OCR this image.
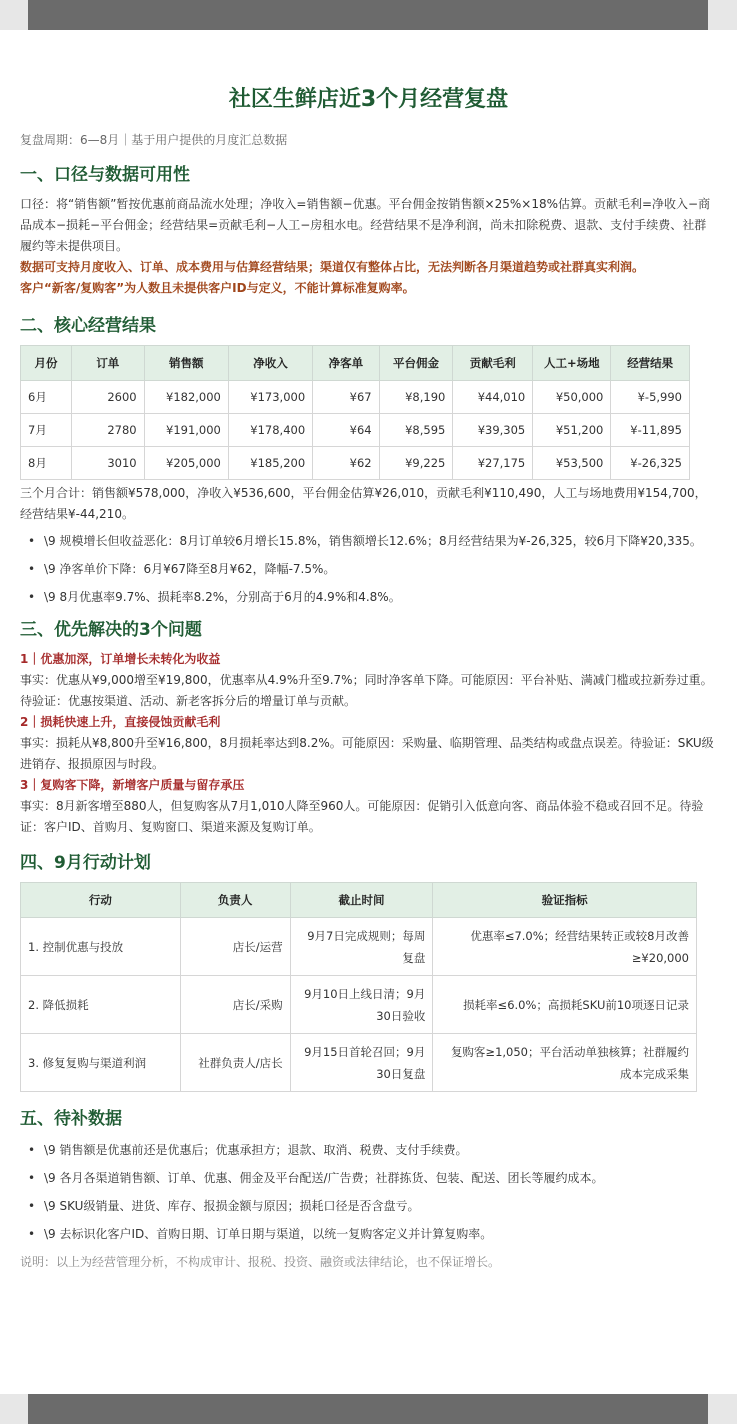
社区生鲜店近3个月经营复盘
复盘周期：6—8月｜基于用户提供的月度汇总数据
一、口径与数据可用性
口径：将“销售额”暂按优惠前商品流水处理；净收入=销售额−优惠。平台佣金按销售额×25%×18%估算。贡献毛利=净收入−商品成本−损耗−平台佣金；经营结果=贡献毛利−人工−房租水电。经营结果不是净利润，尚未扣除税费、退款、支付手续费、社群履约等未提供项目。
数据可支持月度收入、订单、成本费用与估算经营结果；渠道仅有整体占比，无法判断各月渠道趋势或社群真实利润。
客户“新客/复购客”为人数且未提供客户ID与定义，不能计算标准复购率。
二、核心经营结果
月份	订单	销售额	净收入	净客单	平台佣金	贡献毛利	人工+场地	经营结果
6月	2600	¥182,000	¥173,000	¥67	¥8,190	¥44,010	¥50,000	¥-5,990
7月	2780	¥191,000	¥178,400	¥64	¥8,595	¥39,305	¥51,200	¥-11,895
8月	3010	¥205,000	¥185,200	¥62	¥9,225	¥27,175	¥53,500	¥-26,325
三个月合计：销售额¥578,000，净收入¥536,600，平台佣金估算¥26,010，贡献毛利¥110,490，人工与场地费用¥154,700，经营结果¥-44,210。
• \9 规模增长但收益恶化：8月订单较6月增长15.8%，销售额增长12.6%；8月经营结果为¥-26,325，较6月下降¥20,335。
• \9 净客单价下降：6月¥67降至8月¥62，降幅-7.5%。
• \9 8月优惠率9.7%、损耗率8.2%，分别高于6月的4.9%和4.8%。
三、优先解决的3个问题
1｜优惠加深，订单增长未转化为收益
事实：优惠从¥9,000增至¥19,800，优惠率从4.9%升至9.7%；同时净客单下降。可能原因：平台补贴、满减门槛或拉新券过重。待验证：优惠按渠道、活动、新老客拆分后的增量订单与贡献。
2｜损耗快速上升，直接侵蚀贡献毛利
事实：损耗从¥8,800升至¥16,800，8月损耗率达到8.2%。可能原因：采购量、临期管理、品类结构或盘点误差。待验证：SKU级进销存、报损原因与时段。
3｜复购客下降，新增客户质量与留存承压
事实：8月新客增至880人，但复购客从7月1,010人降至960人。可能原因：促销引入低意向客、商品体验不稳或召回不足。待验证：客户ID、首购月、复购窗口、渠道来源及复购订单。
四、9月行动计划
行动	负责人	截止时间	验证指标
1. 控制优惠与投放	店长/运营	9月7日完成规则；每周复盘	优惠率≤7.0%；经营结果转正或较8月改善≥¥20,000
2. 降低损耗	店长/采购	9月10日上线日清；9月30日验收	损耗率≤6.0%；高损耗SKU前10项逐日记录
3. 修复复购与渠道利润	社群负责人/店长	9月15日首轮召回；9月30日复盘	复购客≥1,050；平台活动单独核算；社群履约成本完成采集
五、待补数据
• \9 销售额是优惠前还是优惠后；优惠承担方；退款、取消、税费、支付手续费。
• \9 各月各渠道销售额、订单、优惠、佣金及平台配送/广告费；社群拣货、包装、配送、团长等履约成本。
• \9 SKU级销量、进货、库存、报损金额与原因；损耗口径是否含盘亏。
• \9 去标识化客户ID、首购日期、订单日期与渠道，以统一复购客定义并计算复购率。
说明：以上为经营管理分析，不构成审计、报税、投资、融资或法律结论，也不保证增长。
